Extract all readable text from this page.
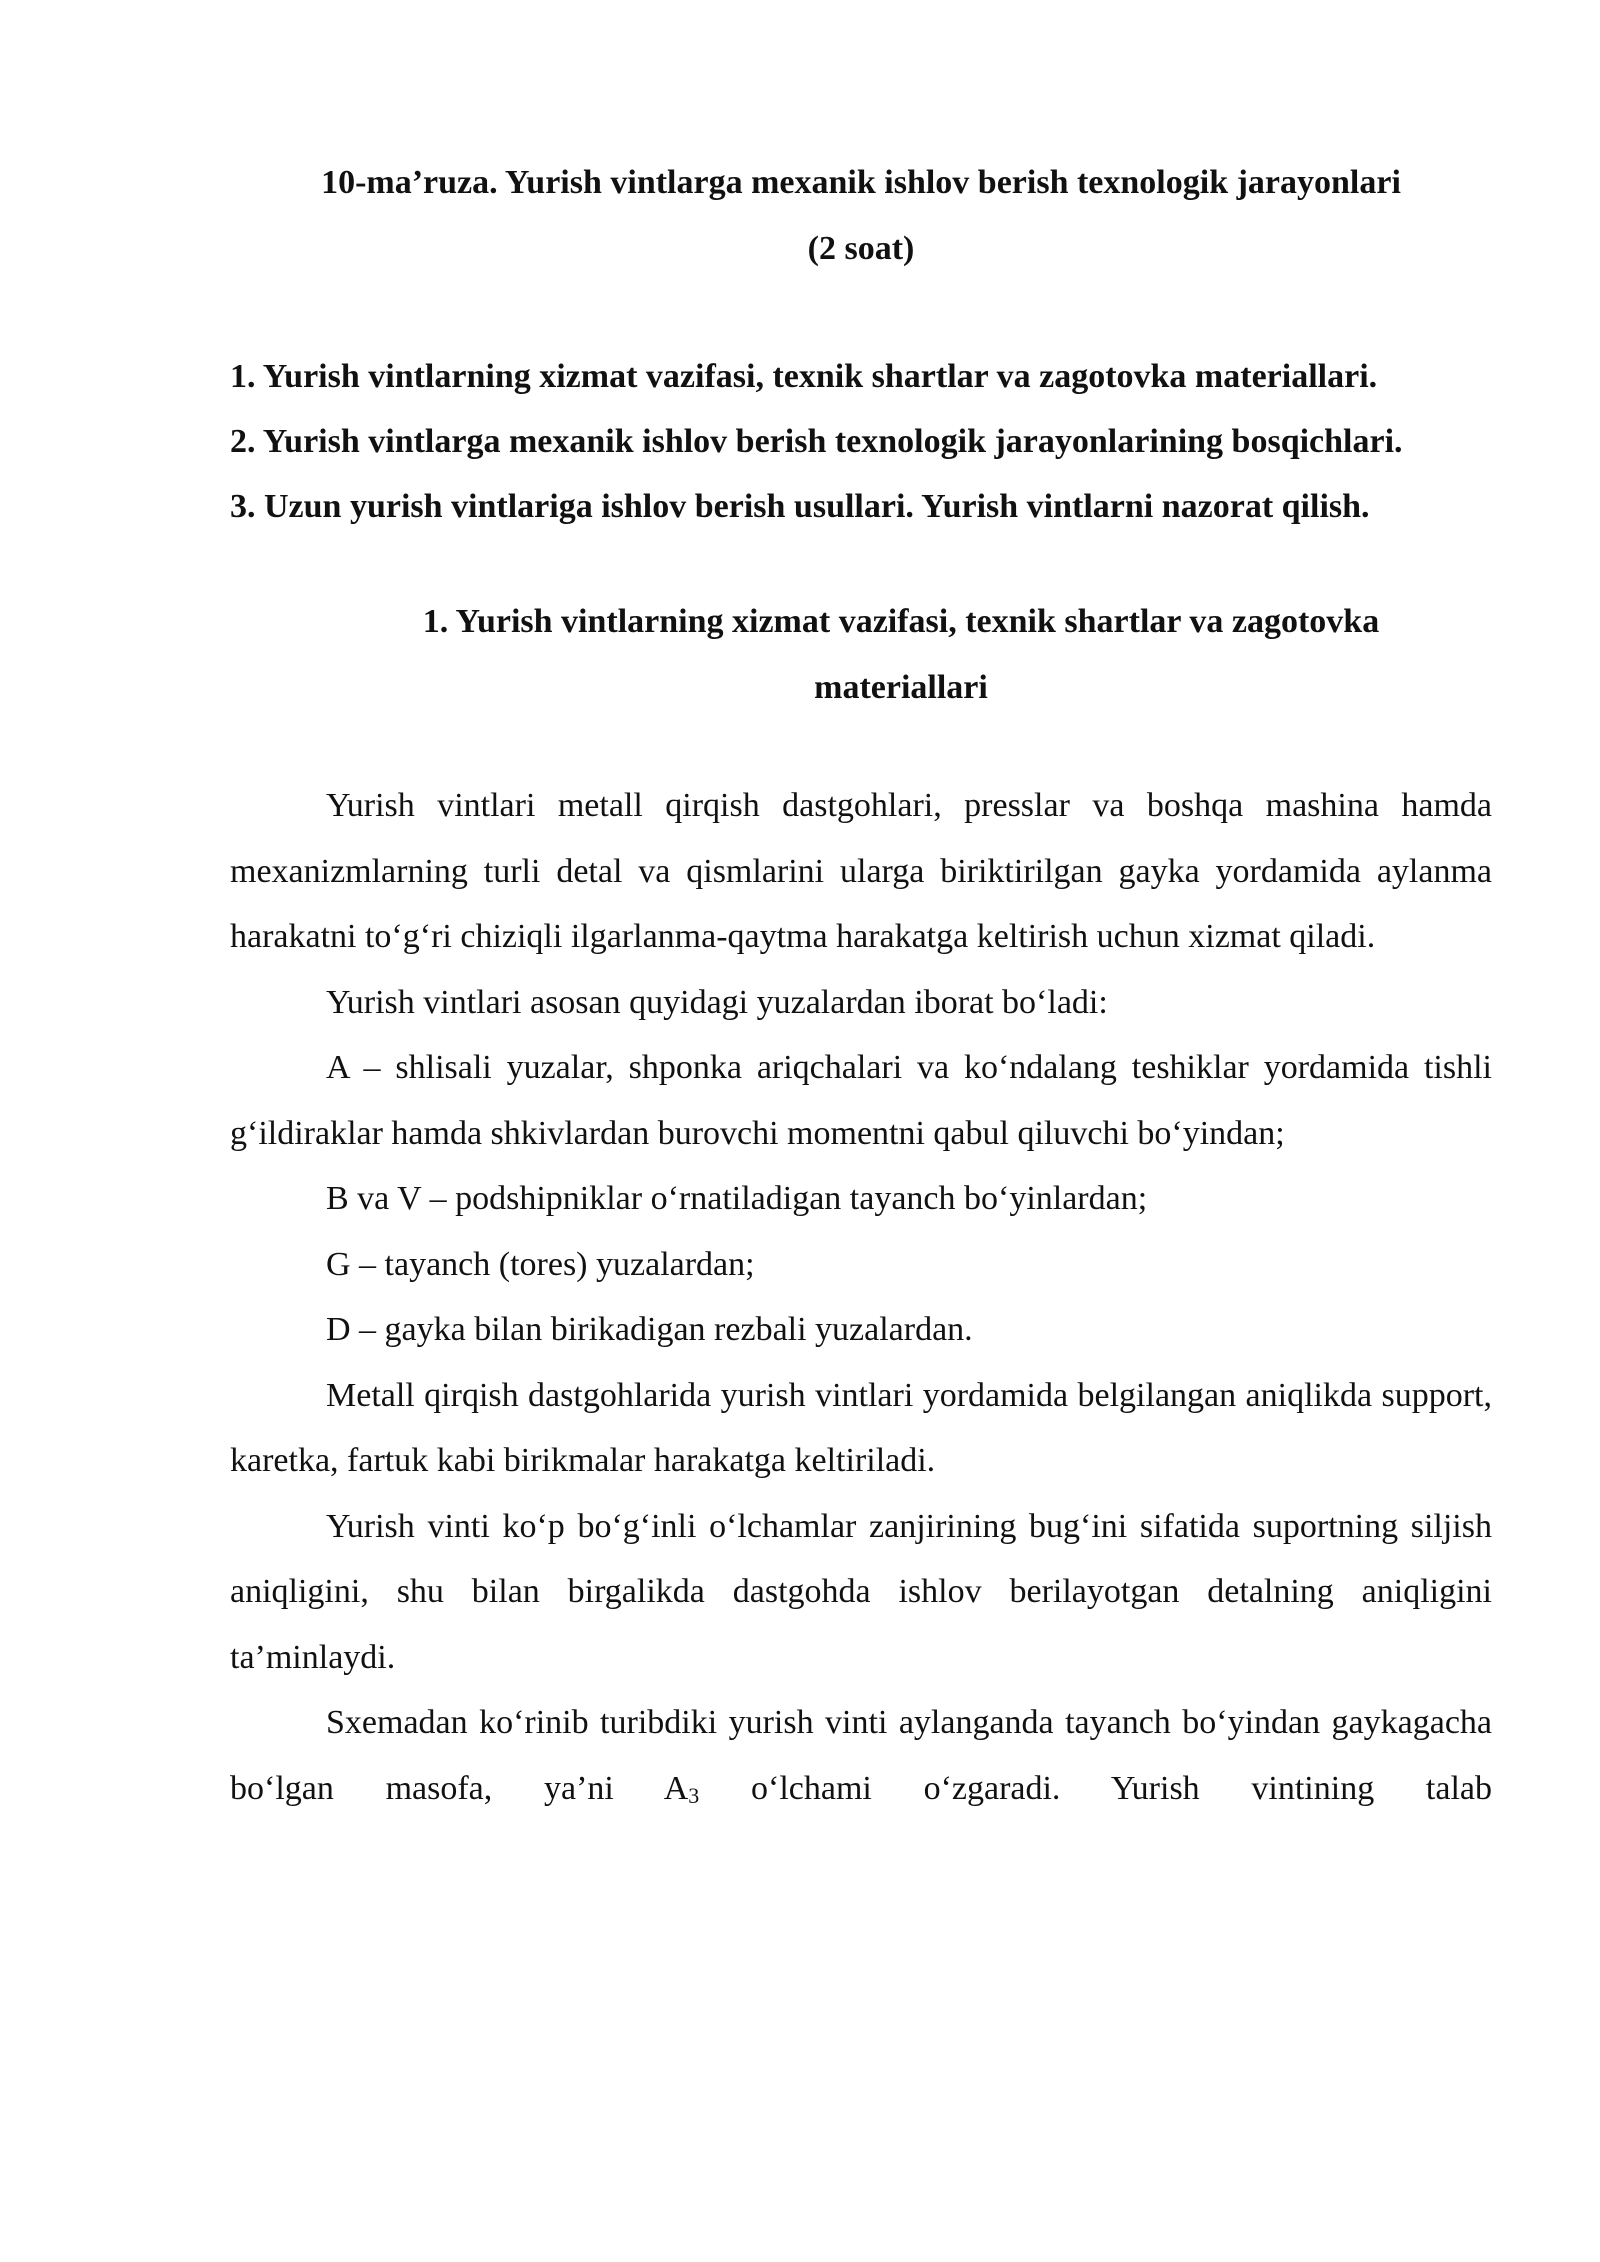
10-ma’ruza. Yurish vintlarga mexanik ishlov berish texnologik jarayonlari
(2 soat)

1. Yurish vintlarning xizmat vazifasi, texnik shartlar va zagotovka materiallari.

2. Yurish vintlarga mexanik ishlov berish texnologik jarayonlarining bosqichlari.

3. Uzun yurish vintlariga ishlov berish usullari. Yurish vintlarni nazorat qilish.

1. Yurish vintlarning xizmat vazifasi, texnik shartlar va zagotovka
materiallari

Yurish vintlari metall qirqish dastgohlari, presslar va boshqa mashina hamda mexanizmlarning turli detal va qismlarini ularga biriktirilgan gayka yordamida aylanma harakatni to‘g‘ri chiziqli ilgarlanma-qaytma harakatga keltirish uchun xizmat qiladi.

Yurish vintlari asosan quyidagi yuzalardan iborat bo‘ladi:

A – shlisali yuzalar, shponka ariqchalari va ko‘ndalang teshiklar yordamida tishli g‘ildiraklar hamda shkivlardan burovchi momentni qabul qiluvchi bo‘yindan;

B va V – podshipniklar o‘rnatiladigan tayanch bo‘yinlardan;

G – tayanch (tores) yuzalardan;

D – gayka bilan birikadigan rezbali yuzalardan.

Metall qirqish dastgohlarida yurish vintlari yordamida belgilangan aniqlikda support, karetka, fartuk kabi birikmalar harakatga keltiriladi.

Yurish vinti ko‘p bo‘g‘inli o‘lchamlar zanjirining bug‘ini sifatida suportning siljish aniqligini, shu bilan birgalikda dastgohda ishlov berilayotgan detalning aniqligini ta’minlaydi.

Sxemadan ko‘rinib turibdiki yurish vinti aylanganda tayanch bo‘yindan gaykagacha bo‘lgan masofa, ya’ni $A_3$ o‘lchami o‘zgaradi. Yurish vintining talab
